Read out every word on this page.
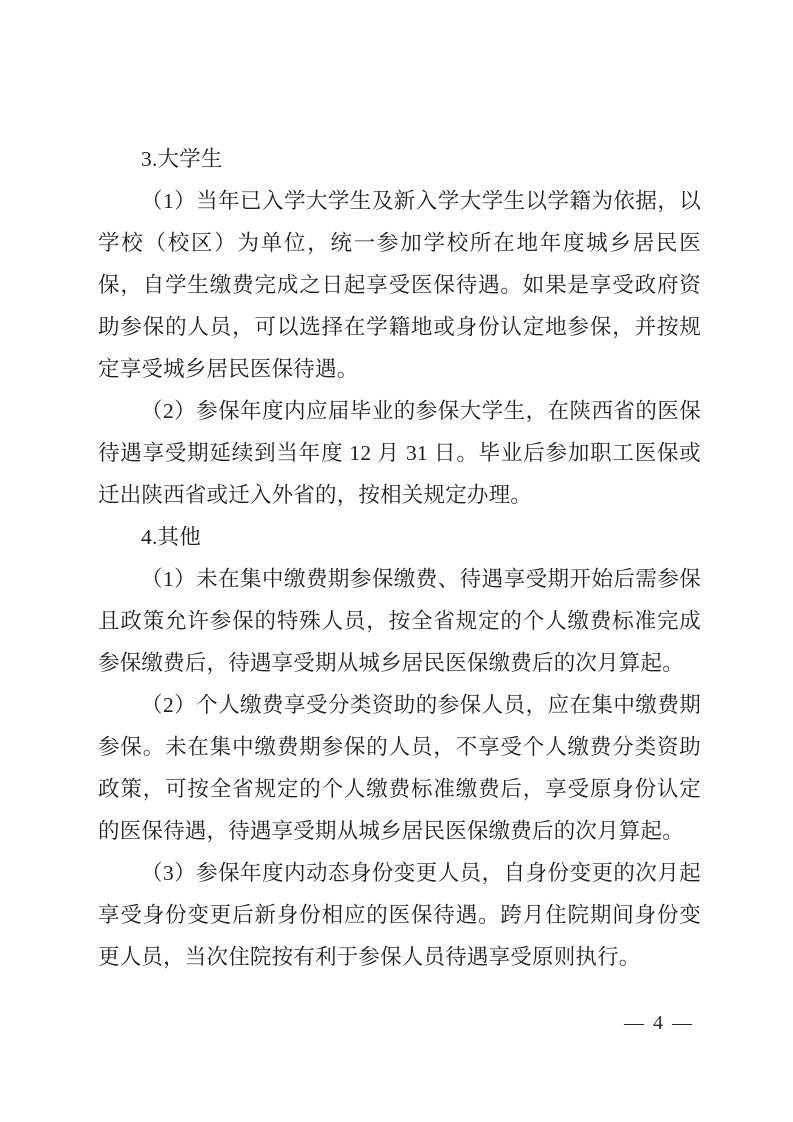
3.大学生

（1）当年已入学大学生及新入学大学生以学籍为依据，以学校（校区）为单位，统一参加学校所在地年度城乡居民医保，自学生缴费完成之日起享受医保待遇。如果是享受政府资助参保的人员，可以选择在学籍地或身份认定地参保，并按规定享受城乡居民医保待遇。

（2）参保年度内应届毕业的参保大学生，在陕西省的医保待遇享受期延续到当年度 12 月 31 日。毕业后参加职工医保或迁出陕西省或迁入外省的，按相关规定办理。

4.其他

（1）未在集中缴费期参保缴费、待遇享受期开始后需参保且政策允许参保的特殊人员，按全省规定的个人缴费标准完成参保缴费后，待遇享受期从城乡居民医保缴费后的次月算起。

（2）个人缴费享受分类资助的参保人员，应在集中缴费期参保。未在集中缴费期参保的人员，不享受个人缴费分类资助政策，可按全省规定的个人缴费标准缴费后，享受原身份认定的医保待遇，待遇享受期从城乡居民医保缴费后的次月算起。

（3）参保年度内动态身份变更人员，自身份变更的次月起享受身份变更后新身份相应的医保待遇。跨月住院期间身份变更人员，当次住院按有利于参保人员待遇享受原则执行。

— 4 —
